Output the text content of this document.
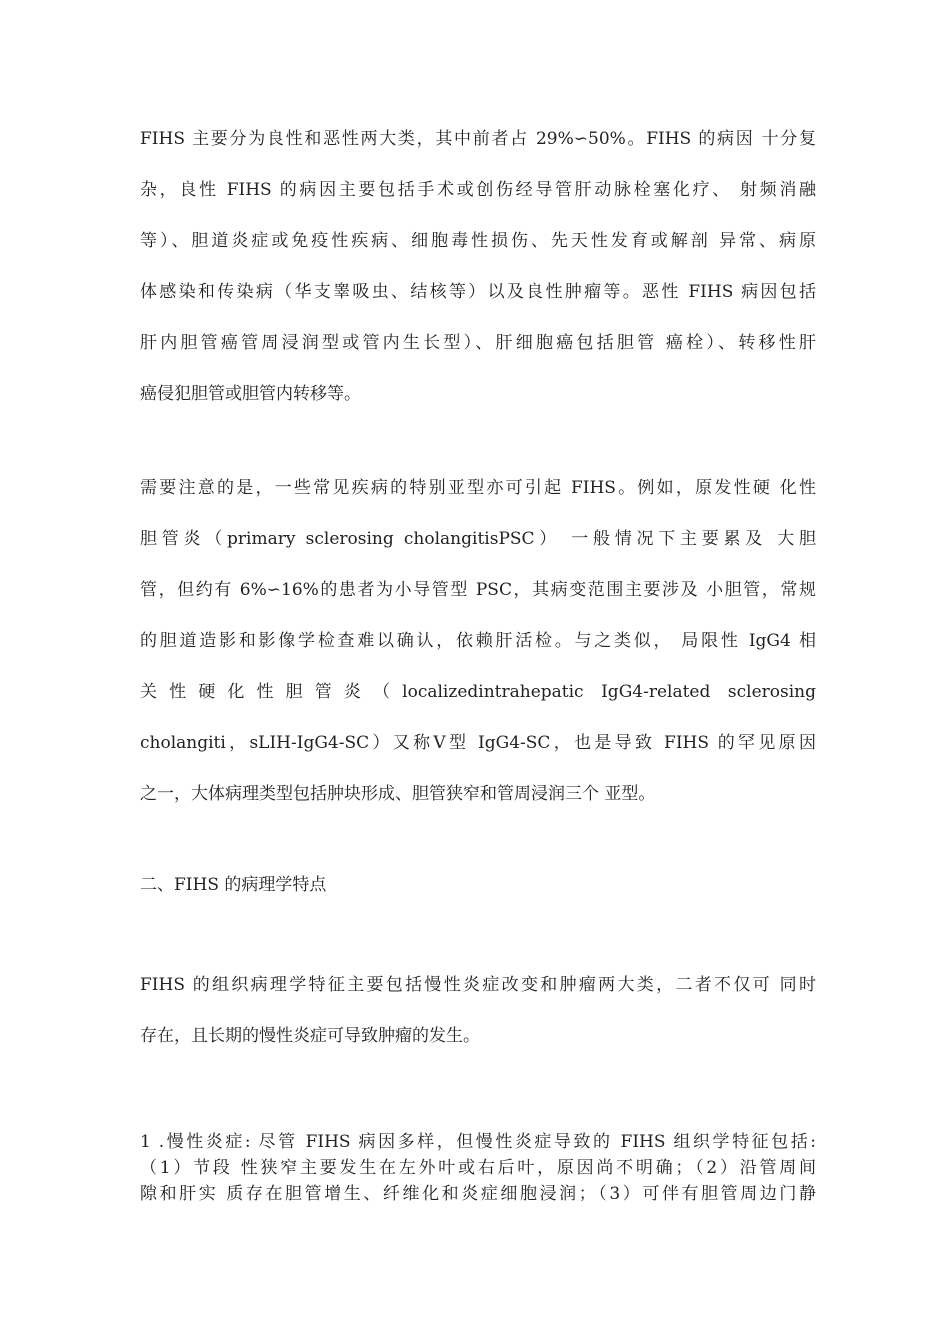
FIHS 主要分为良性和恶性两大类，其中前者占 29%∽50%。FIHS 的病因 十分复
杂，良性 FIHS 的病因主要包括手术或创伤经导管肝动脉栓塞化疗、 射频消融
等）、胆道炎症或免疫性疾病、细胞毒性损伤、先天性发育或解剖 异常、病原
体感染和传染病（华支睾吸虫、结核等）以及良性肿瘤等。恶性 FIHS 病因包括
肝内胆管癌管周浸润型或管内生长型）、肝细胞癌包括胆管 癌栓）、转移性肝
癌侵犯胆管或胆管内转移等。
需要注意的是，一些常见疾病的特别亚型亦可引起 FIHS。例如，原发性硬 化性
胆管炎（primary sclerosing cholangitisPSC） 一般情况下主要累及 大胆
管，但约有 6%∽16%的患者为小导管型 PSC，其病变范围主要涉及 小胆管，常规
的胆道造影和影像学检查难以确认，依赖肝活检。与之类似， 局限性 IgG4 相
关性硬化性胆管炎（localizedintrahepatic IgG4-related sclerosing
cholangiti，sLIH-IgG4-SC）又称Ⅴ型 IgG4-SC，也是导致 FIHS 的罕见原因
之一，大体病理类型包括肿块形成、胆管狭窄和管周浸润三个 亚型。
二、FIHS 的病理学特点
FIHS 的组织病理学特征主要包括慢性炎症改变和肿瘤两大类，二者不仅可 同时
存在，且长期的慢性炎症可导致肿瘤的发生。
1 .慢性炎症: 尽管 FIHS 病因多样，但慢性炎症导致的 FIHS 组织学特征包括:
（1）节段 性狭窄主要发生在左外叶或右后叶，原因尚不明确；（2）沿管周间
隙和肝实 质存在胆管增生、纤维化和炎症细胞浸润；（3）可伴有胆管周边门静
